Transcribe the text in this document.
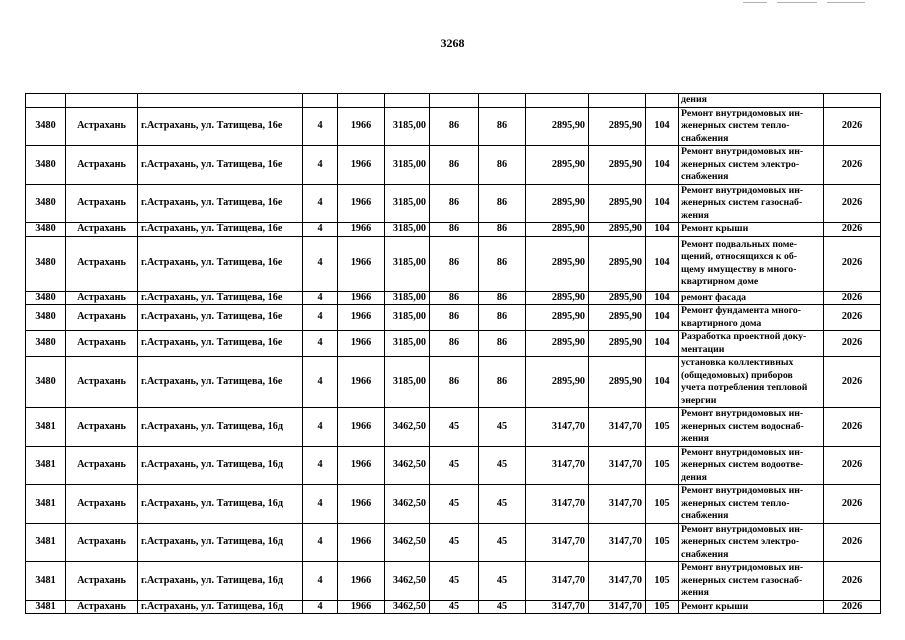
3268
											дения	
3480	Астрахань	г.Астрахань, ул. Татищева, 16е	4	1966	3185,00	86	86	2895,90	2895,90	104	Ремонт внутридомовых ин-
женерных систем тепло-
снабжения	2026
3480	Астрахань	г.Астрахань, ул. Татищева, 16е	4	1966	3185,00	86	86	2895,90	2895,90	104	Ремонт внутридомовых ин-
женерных систем электро-
снабжения	2026
3480	Астрахань	г.Астрахань, ул. Татищева, 16е	4	1966	3185,00	86	86	2895,90	2895,90	104	Ремонт внутридомовых ин-
женерных систем газоснаб-
жения	2026
3480	Астрахань	г.Астрахань, ул. Татищева, 16е	4	1966	3185,00	86	86	2895,90	2895,90	104	Ремонт крыши	2026
3480	Астрахань	г.Астрахань, ул. Татищева, 16е	4	1966	3185,00	86	86	2895,90	2895,90	104	Ремонт подвальных поме-
щений, относящихся к об-
щему имуществу в много-
квартирном доме	2026
3480	Астрахань	г.Астрахань, ул. Татищева, 16е	4	1966	3185,00	86	86	2895,90	2895,90	104	ремонт фасада	2026
3480	Астрахань	г.Астрахань, ул. Татищева, 16е	4	1966	3185,00	86	86	2895,90	2895,90	104	Ремонт фундамента много-
квартирного дома	2026
3480	Астрахань	г.Астрахань, ул. Татищева, 16е	4	1966	3185,00	86	86	2895,90	2895,90	104	Разработка проектной доку-
ментации	2026
3480	Астрахань	г.Астрахань, ул. Татищева, 16е	4	1966	3185,00	86	86	2895,90	2895,90	104	установка коллективных
(общедомовых) приборов
учета потребления тепловой
энергии	2026
3481	Астрахань	г.Астрахань, ул. Татищева, 16д	4	1966	3462,50	45	45	3147,70	3147,70	105	Ремонт внутридомовых ин-
женерных систем водоснаб-
жения	2026
3481	Астрахань	г.Астрахань, ул. Татищева, 16д	4	1966	3462,50	45	45	3147,70	3147,70	105	Ремонт внутридомовых ин-
женерных систем водоотве-
дения	2026
3481	Астрахань	г.Астрахань, ул. Татищева, 16д	4	1966	3462,50	45	45	3147,70	3147,70	105	Ремонт внутридомовых ин-
женерных систем тепло-
снабжения	2026
3481	Астрахань	г.Астрахань, ул. Татищева, 16д	4	1966	3462,50	45	45	3147,70	3147,70	105	Ремонт внутридомовых ин-
женерных систем электро-
снабжения	2026
3481	Астрахань	г.Астрахань, ул. Татищева, 16д	4	1966	3462,50	45	45	3147,70	3147,70	105	Ремонт внутридомовых ин-
женерных систем газоснаб-
жения	2026
3481	Астрахань	г.Астрахань, ул. Татищева, 16д	4	1966	3462,50	45	45	3147,70	3147,70	105	Ремонт крыши	2026
